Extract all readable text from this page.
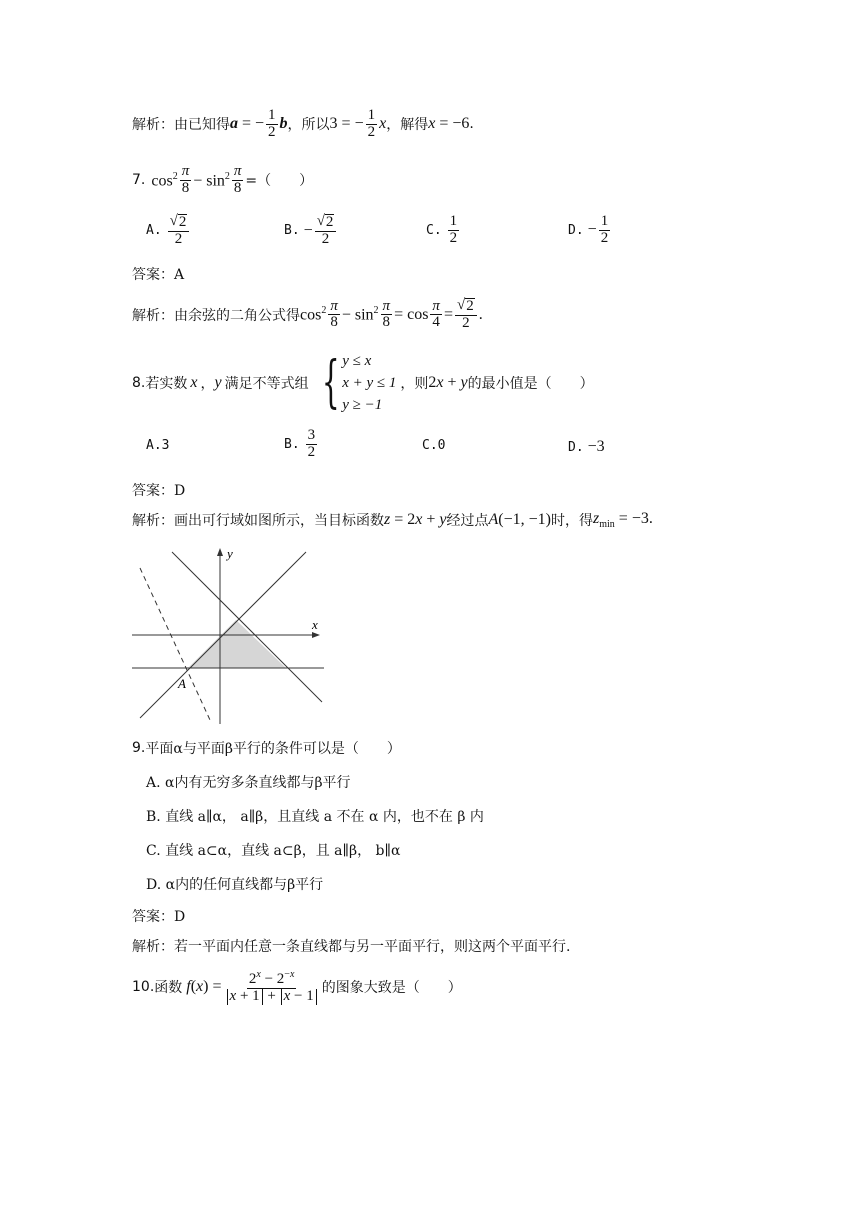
解析：由已知得 a = − $\frac{1}{2}$ b ，所以 3 = − $\frac{1}{2}$ x ，解得 x = −6 .
7. $\cos^2 \frac{\pi}{8} - \sin^2 \frac{\pi}{8}$ =（　　）
A. $\frac{√ 2}{2}$	B. − $\frac{√ 2}{2}$	C. $\frac{1}{2}$	D. − $\frac{1}{2}$
答案：A
解析：由余弦的二角公式得 $\cos^2 \frac{\pi}{8} - \sin^2 \frac{\pi}{8} = \cos \frac{\pi}{4} = \frac{√ 2}{2}$ .
8. 若实数 x ， y 满足不等式组 { y ≤ x
x + y ≤ 1
y ≥ −1
，则 2x + y 的最小值是（　　）
A.3	B. $\frac{3}{2}$	C.0	D. −3
答案：D
解析：画出可行域如图所示，当目标函数 z = 2x + y 经过点 A(−1, −1) 时，得 $z_{min} = -3$.
y
x
A
9. 平面α与平面β平行的条件可以是（　　）
A. α内有无穷多条直线都与β平行
B. 直线 a∥α， a∥β，且直线 a 不在 α 内，也不在 β 内
C. 直线 a⊂α，直线 a⊂β，且 a∥β， b∥α
D. α内的任何直线都与β平行
答案：D
解析：若一平面内任意一条直线都与另一平面平行，则这两个平面平行.
10. 函数 $f(x) = \frac{2^x - 2^{-x}}{x + 1 + x - 1}$ 的图象大致是（　　）
